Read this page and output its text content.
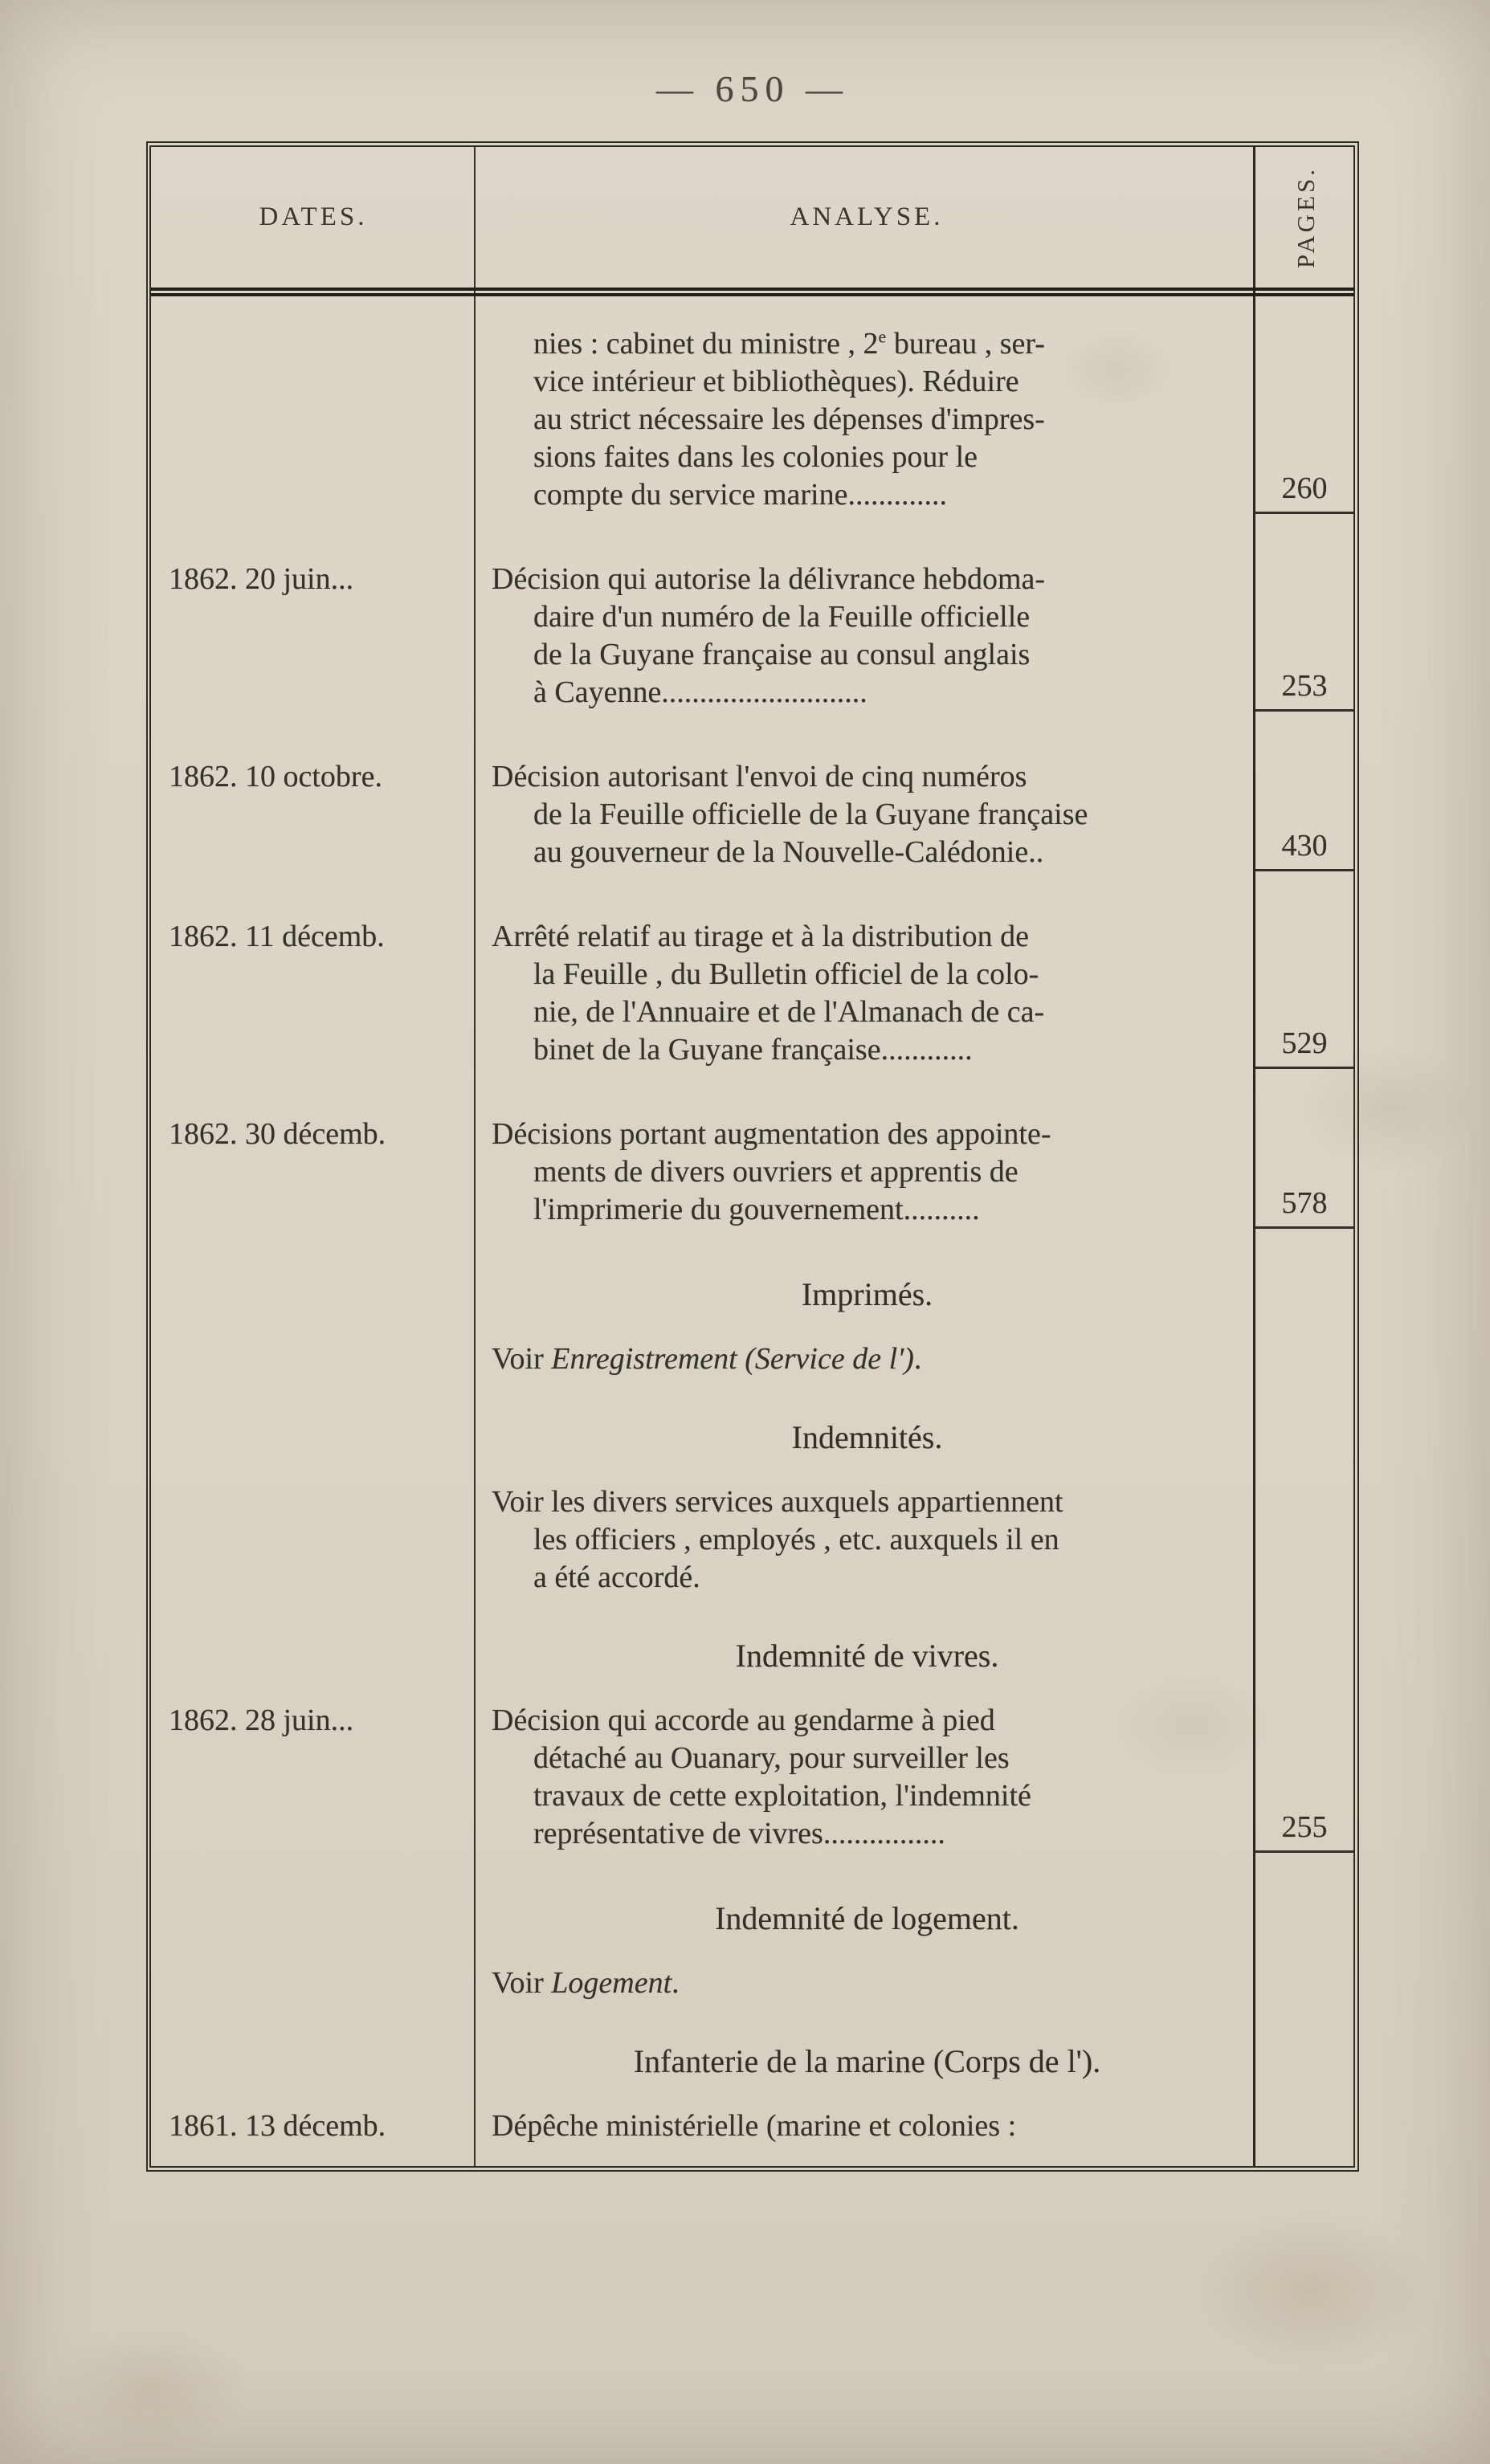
— 650 —
DATES.	ANALYSE.	PAGES.
nies : cabinet du ministre , 2e bureau , ser-
vice intérieur et bibliothèques). Réduire
au strict nécessaire les dépenses d'impres-
sions faites dans les colonies pour le
compte du service marine.............	260
1862. 20 juin...	Décision qui autorise la délivrance hebdoma-
daire d'un numéro de la Feuille officielle
de la Guyane française au consul anglais
à Cayenne...........................	253
1862. 10 octobre.	Décision autorisant l'envoi de cinq numéros
de la Feuille officielle de la Guyane française
au gouverneur de la Nouvelle-Calédonie..	430
1862. 11 décemb.	Arrêté relatif au tirage et à la distribution de
la Feuille , du Bulletin officiel de la colo-
nie, de l'Annuaire et de l'Almanach de ca-
binet de la Guyane française............	529
1862. 30 décemb.	Décisions portant augmentation des appointe-
ments de divers ouvriers et apprentis de
l'imprimerie du gouvernement..........	578
Imprimés.
Voir Enregistrement (Service de l').
Indemnités.
Voir les divers services auxquels appartiennent
les officiers , employés , etc. auxquels il en
a été accordé.
Indemnité de vivres.
1862. 28 juin...	Décision qui accorde au gendarme à pied
détaché au Ouanary, pour surveiller les
travaux de cette exploitation, l'indemnité
représentative de vivres................	255
Indemnité de logement.
Voir Logement.
Infanterie de la marine (Corps de l').
1861. 13 décemb.	Dépêche ministérielle (marine et colonies :
